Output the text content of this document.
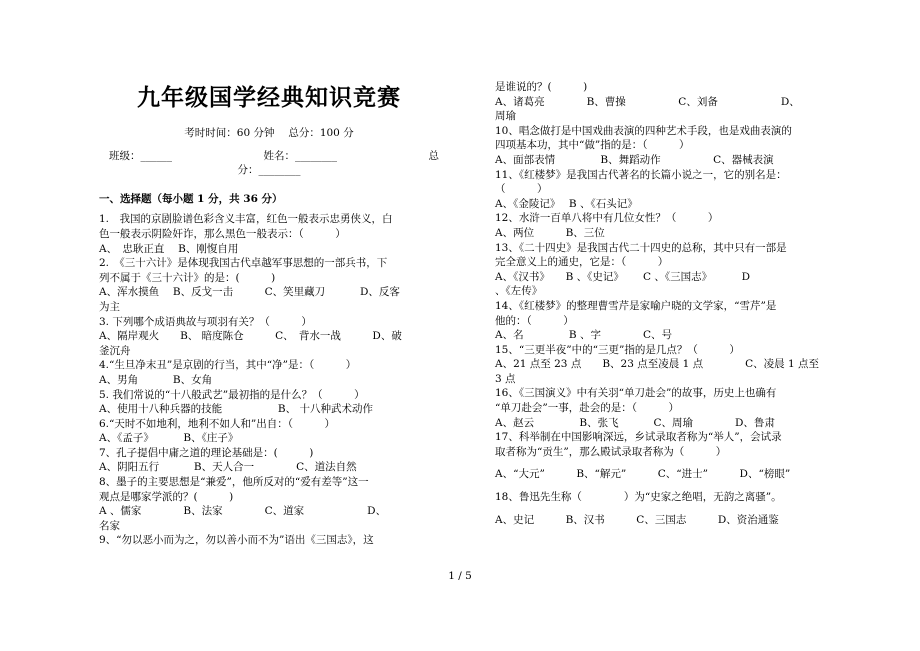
九年级国学经典知识竞赛
考时时间：60 分钟　 总分：100 分
班级：______	姓名：________	总
分：________
一、选择题（每小题 1 分，共 36 分）
1.　我国的京剧脸谱色彩含义丰富，红色一般表示忠勇侠义，白
色一般表示阴险奸诈，那么黑色一般表示：（　　　）
A、　忠耿正直　 B、刚愎自用
2.　《三十六计》是体现我国古代卓越军事思想的一部兵书，下
列不属于《三十六计》的是：(　　　)
A、浑水摸鱼　 B、反戈一击　　　C、笑里藏刀　　　 D、反客
为主
3. 下列哪个成语典故与项羽有关？（　　　）
A、隔岸观火　　B、 暗度陈仓　　　C、　背水一战　　　D、破
釜沉舟
4.“生旦净末丑”是京剧的行当，其中“净”是：（　　　）
A、男角　　　 B、女角
5. 我们常说的“十八般武艺”最初指的是什么？（　　　）
A、使用十八种兵器的技能　　　　　 B、 十八种武术动作
6.“天时不如地利，地利不如人和”出自：（　　　）
A、《孟子》　　　 B、《庄子》
7、孔子提倡中庸之道的理论基础是：(　　　)
A、阴阳五行　　　 B、天人合一　　　　C、道法自然
8、墨子的主要思想是“兼爱”，他所反对的“爱有差等”这一
观点是哪家学派的？(　　　)
A 、儒家　　　　B、法家　　　　C、道家　　　　　　D、
名家
9、“勿以恶小而为之，勿以善小而不为”语出《三国志》，这
是谁说的？(　　　)
A、诸葛亮　　　　B、曹操　　　　　C、刘备　　　　　　D、
周瑜
10、唱念做打是中国戏曲表演的四种艺术手段，也是戏曲表演的
四项基本功，其中“做”指的是：（　　　）
A、面部表情　　　　 B、舞蹈动作　　　　　C、器械表演
11、《红楼梦》是我国古代著名的长篇小说之一，它的别名是：
（　　　）
A、《金陵记》　 B 、《石头记》
12、水浒一百单八将中有几位女性？（　　　）
A、两位　　　B、三位
13、《二十四史》是我国古代二十四史的总称，其中只有一部是
完全意义上的通史，它是：（　　　）
A、《汉书》　　B 、《史记》　　 C 、《三国志》　　　 D
、《左传》
14、《红楼梦》的整理曹雪芹是家喻户晓的文学家，“雪芹”是
他的：（　　　）
A、名　　　　 B 、字　　　　C、号
15、“三更半夜”中的“三更”指的是几点？（　　　）
A、21 点至 23 点　　B、23 点至凌晨 1 点　　　　C、凌晨 1 点至
3 点
16、《三国演义》中有关羽“单刀赴会”的故事，历史上也确有
“单刀赴会”一事，赴会的是：（　　　）
A、赵云　　　　 B、张飞　　　 C、周瑜　　　　D、鲁肃
17、科举制在中国影响深远，乡试录取者称为“举人”，会试录
取者称为“贡生”，那么殿试录取者称为（　　　）
A、“大元”　　　B、“解元”　　　C、“进士”　　　D、“榜眼”
18、鲁迅先生称（　　　　）为“史家之绝唱，无韵之离骚”。
A、史记　　　B、汉书　　　C、三国志　　　D、资治通鉴
1 / 5
